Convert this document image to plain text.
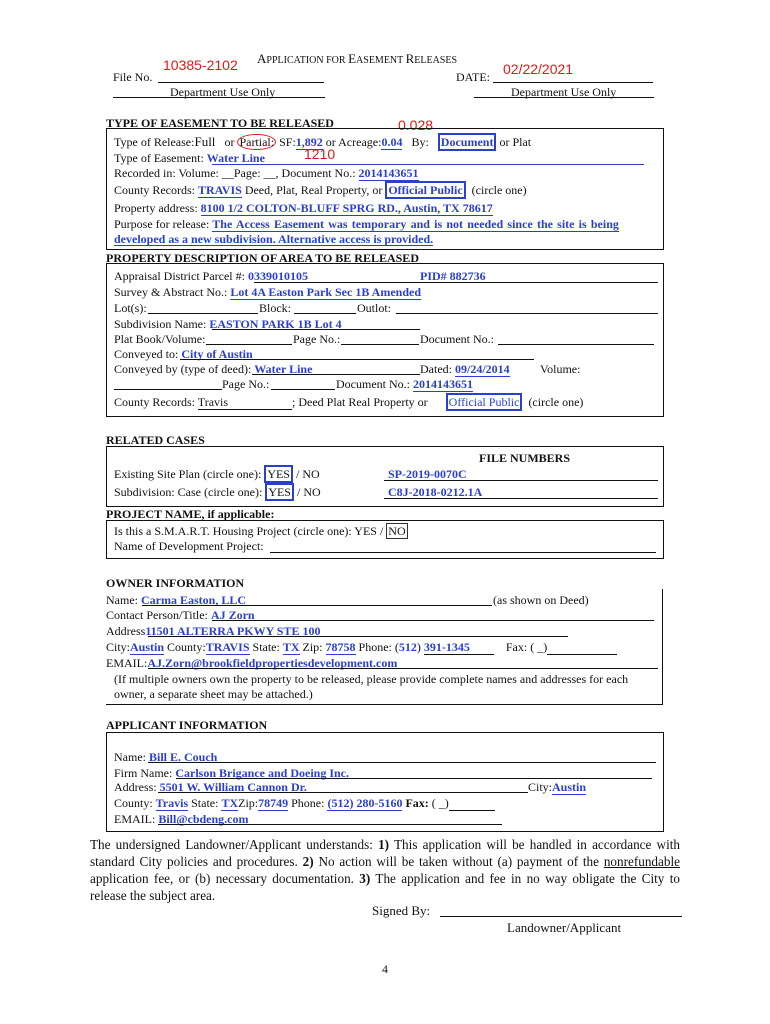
APPLICATION FOR EASEMENT RELEASES
10385-2102	02/22/2021
File No.	DATE:
Department Use Only	Department Use Only
TYPE OF EASEMENT TO BE RELEASED	0.028
Type of Release:Full or Partial: SF:1,892 or Acreage:0.04 By: Document or Plat
1210
Type of Easement: Water Line
Recorded in: Volume: __Page: __, Document No.: 2014143651
County Records: TRAVIS Deed, Plat, Real Property, or Official Public (circle one)
Property address: 8100 1/2 COLTON-BLUFF SPRG RD., Austin, TX 78617
Purpose for release: The Access Easement was temporary and is not needed since the site is being
developed as a new subdivision. Alternative access is provided.
PROPERTY DESCRIPTION OF AREA TO BE RELEASED
Appraisal District Parcel #: 0339010105	PID# 882736
Survey & Abstract No.: Lot 4A Easton Park Sec 1B Amended
Lot(s):	Block:	Outlot:
Subdivision Name: EASTON PARK 1B Lot 4
Plat Book/Volume:	Page No.:	Document No.:
Conveyed to: City of Austin
Conveyed by (type of deed): Water Line	Dated: 09/24/2014	Volume:
Page No.:	Document No.: 2014143651
County Records: Travis	; Deed Plat Real Property or Official Public (circle one)
RELATED CASES
FILE NUMBERS
Existing Site Plan (circle one): YES / NO	SP-2019-0070C
Subdivision: Case (circle one): YES / NO	C8J-2018-0212.1A
PROJECT NAME, if applicable:
Is this a S.M.A.R.T. Housing Project (circle one): YES / NO
Name of Development Project:
OWNER INFORMATION
Name: Carma Easton, LLC	(as shown on Deed)
Contact Person/Title: AJ Zorn
Address11501 ALTERRA PKWY STE 100
City:Austin County:TRAVIS State: TX Zip: 78758 Phone: (512) 391-1345	Fax: ( _)
EMAIL:AJ.Zorn@brookfieldpropertiesdevelopment.com
(If multiple owners own the property to be released, please provide complete names and addresses for each
owner, a separate sheet may be attached.)
APPLICANT INFORMATION
Name: Bill E. Couch
Firm Name: Carlson Brigance and Doeing Inc.
Address: 5501 W. William Cannon Dr.	City:Austin
County: Travis State: TXZip:78749 Phone: (512) 280-5160 Fax: ( _)
EMAIL: Bill@cbdeng.com
The undersigned Landowner/Applicant understands: 1) This application will be handled in accordance with standard City policies and procedures. 2) No action will be taken without (a) payment of the nonrefundable application fee, or (b) necessary documentation. 3) The application and fee in no way obligate the City to release the subject area.
Signed By:
Landowner/Applicant
4
